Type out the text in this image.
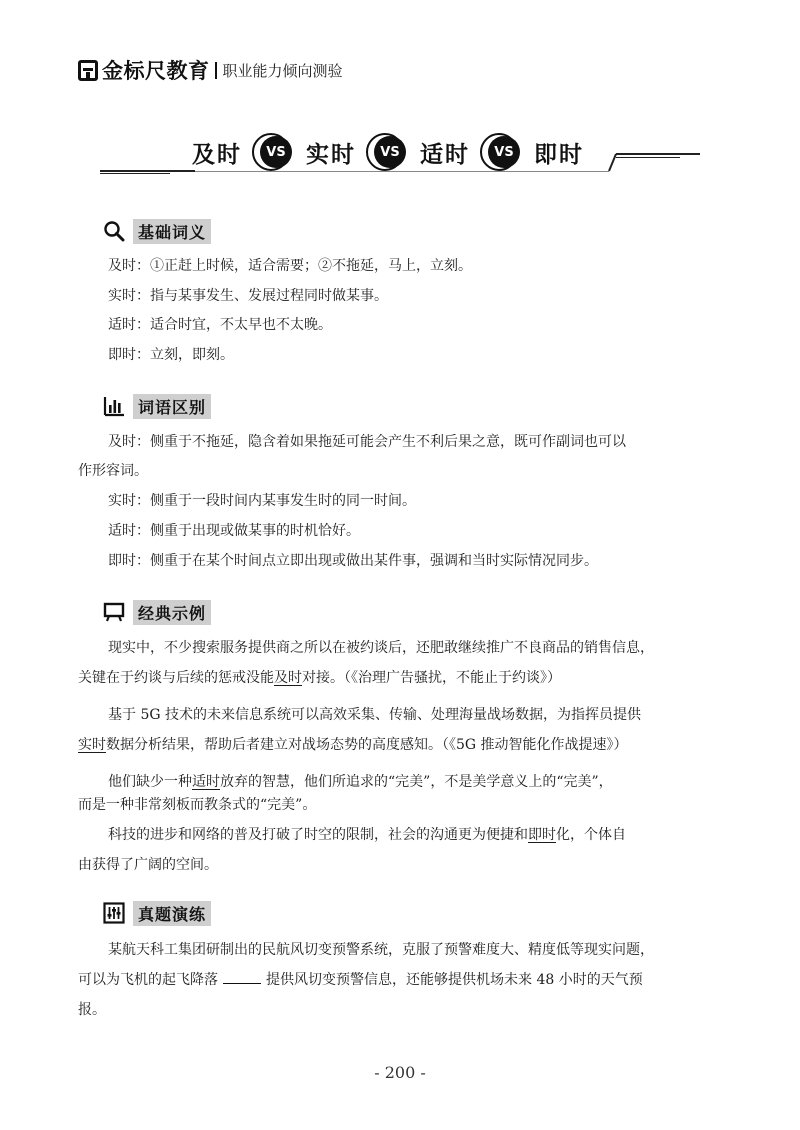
金标尺教育 职业能力倾向测验
及时	VS 实时	VS 适时	VS 即时
基础词义
及时：①正赶上时候，适合需要；②不拖延，马上，立刻。
实时：指与某事发生、发展过程同时做某事。
适时：适合时宜，不太早也不太晚。
即时：立刻，即刻。
词语区别
及时：侧重于不拖延，隐含着如果拖延可能会产生不利后果之意，既可作副词也可以
作形容词。
实时：侧重于一段时间内某事发生时的同一时间。
适时：侧重于出现或做某事的时机恰好。
即时：侧重于在某个时间点立即出现或做出某件事，强调和当时实际情况同步。
经典示例
现实中，不少搜索服务提供商之所以在被约谈后，还肥敢继续推广不良商品的销售信息，
关键在于约谈与后续的惩戒没能及时对接。（《治理广告骚扰，不能止于约谈》）
基于 5G 技术的未来信息系统可以高效采集、传输、处理海量战场数据，为指挥员提供
实时数据分析结果，帮助后者建立对战场态势的高度感知。（《5G 推动智能化作战提速》）
他们缺少一种适时放弃的智慧，他们所追求的“完美”，不是美学意义上的“完美”，
而是一种非常刻板而教条式的“完美”。
科技的进步和网络的普及打破了时空的限制，社会的沟通更为便捷和即时化，个体自
由获得了广阔的空间。
真题演练
某航天科工集团研制出的民航风切变预警系统，克服了预警难度大、精度低等现实问题，
可以为飞机的起飞降落	提供风切变预警信息，还能够提供机场未来 48 小时的天气预
报。
- 200 -
